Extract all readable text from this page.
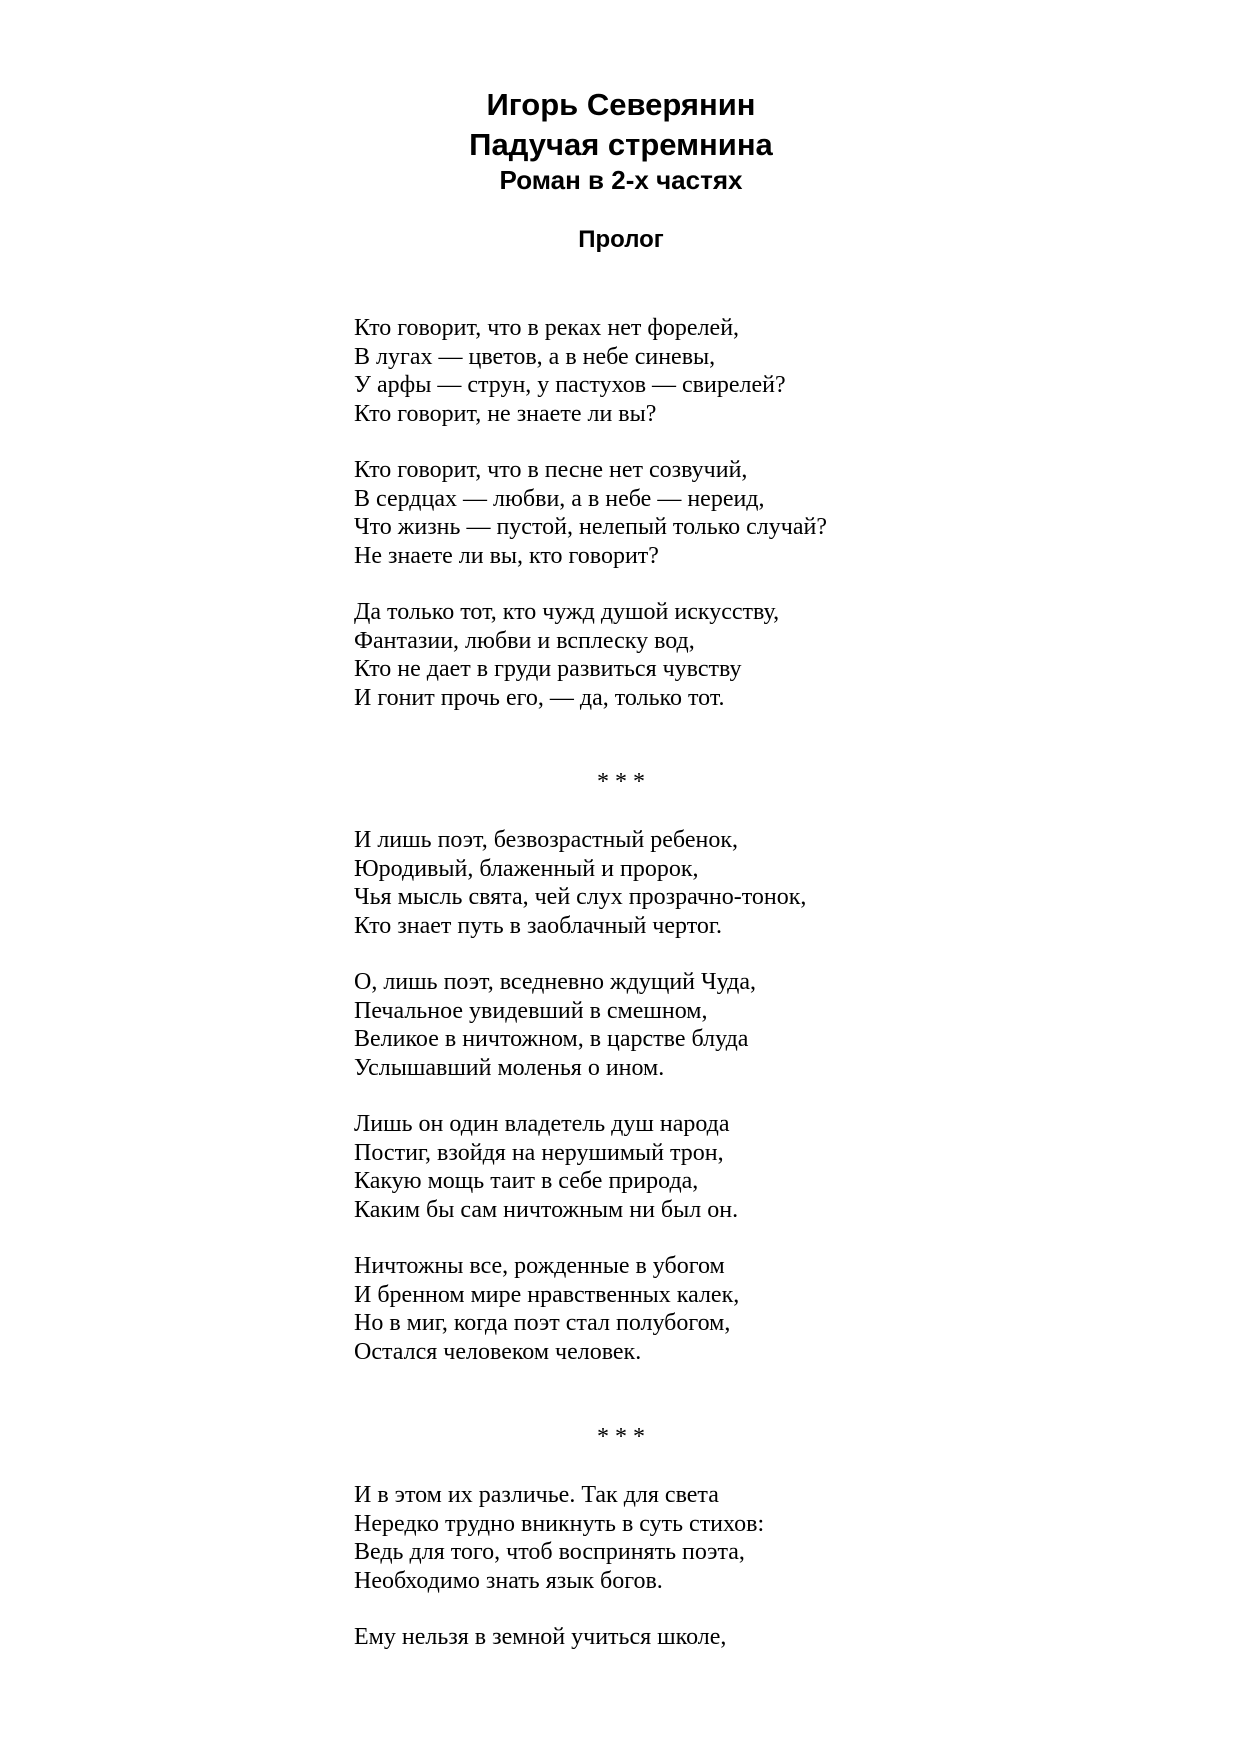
Игорь Северянин
Падучая стремнина
Роман в 2-х частях
Пролог
Кто говорит, что в реках нет форелей,
В лугах — цветов, а в небе синевы,
У арфы — струн, у пастухов — свирелей?
Кто говорит, не знаете ли вы?
Кто говорит, что в песне нет созвучий,
В сердцах — любви, а в небе — нереид,
Что жизнь — пустой, нелепый только случай?
Не знаете ли вы, кто говорит?
Да только тот, кто чужд душой искусству,
Фантазии, любви и всплеску вод,
Кто не дает в груди развиться чувству
И гонит прочь его, — да, только тот.

* * *

И лишь поэт, безвозрастный ребенок,
Юродивый, блаженный и пророк,
Чья мысль свята, чей слух прозрачно-тонок,
Кто знает путь в заоблачный чертог.
О, лишь поэт, вседневно ждущий Чуда,
Печальное увидевший в смешном,
Великое в ничтожном, в царстве блуда
Услышавший моленья о ином.
Лишь он один владетель душ народа
Постиг, взойдя на нерушимый трон,
Какую мощь таит в себе природа,
Каким бы сам ничтожным ни был он.
Ничтожны все, рожденные в убогом
И бренном мире нравственных калек,
Но в миг, когда поэт стал полубогом,
Остался человеком человек.

* * *

И в этом их различье. Так для света
Нередко трудно вникнуть в суть стихов:
Ведь для того, чтоб воспринять поэта,
Необходимо знать язык богов.
Ему нельзя в земной учиться школе,
